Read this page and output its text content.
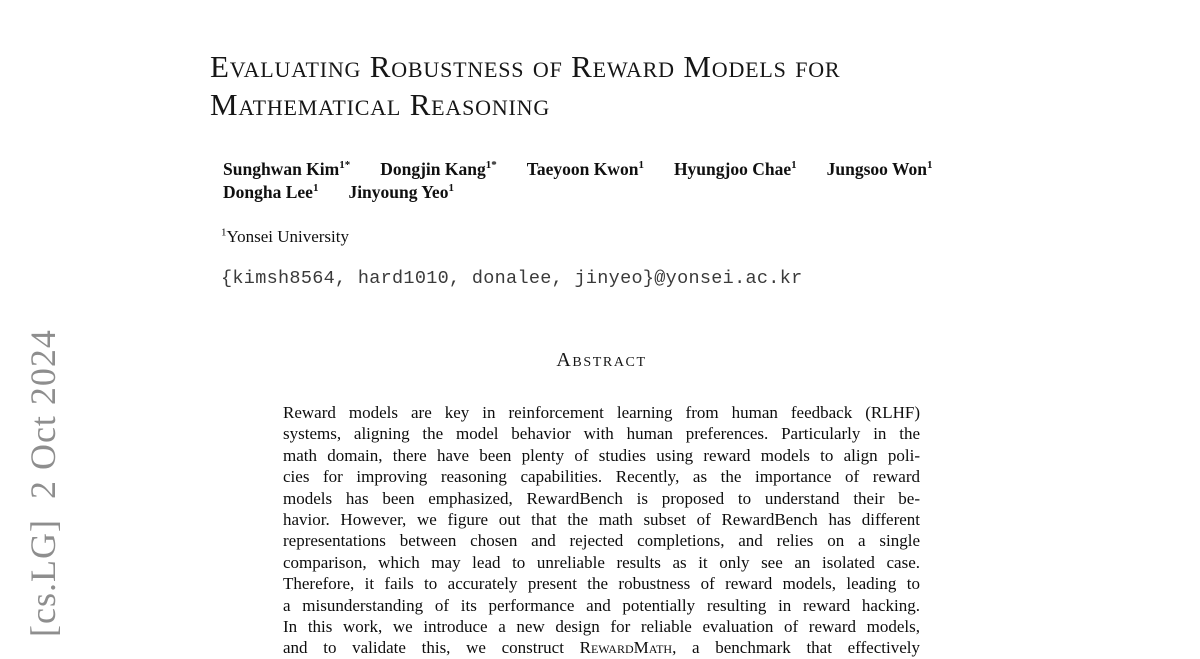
[cs.LG]  2 Oct 2024
Evaluating Robustness of Reward Models for
Mathematical Reasoning
Sunghwan Kim$^{1*}$ Dongjin Kang$^{1*}$ Taeyoon Kwon$^1$ Hyungjoo Chae$^1$ Jungsoo Won$^1$
Dongha Lee$^1$ Jinyoung Yeo$^1$
$^1$Yonsei University
{kimsh8564, hard1010, donalee, jinyeo}@yonsei.ac.kr
Abstract
Reward models are key in reinforcement learning from human feedback (RLHF)
systems, aligning the model behavior with human preferences. Particularly in the
math domain, there have been plenty of studies using reward models to align poli-
cies for improving reasoning capabilities. Recently, as the importance of reward
models has been emphasized, RewardBench is proposed to understand their be-
havior. However, we figure out that the math subset of RewardBench has different
representations between chosen and rejected completions, and relies on a single
comparison, which may lead to unreliable results as it only see an isolated case.
Therefore, it fails to accurately present the robustness of reward models, leading to
a misunderstanding of its performance and potentially resulting in reward hacking.
In this work, we introduce a new design for reliable evaluation of reward models,
and to validate this, we construct RewardMath, a benchmark that effectively
